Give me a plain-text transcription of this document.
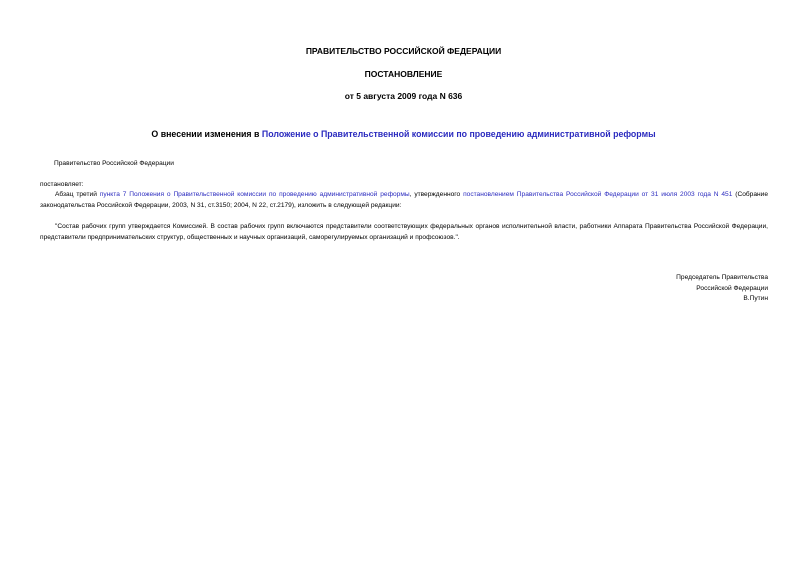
ПРАВИТЕЛЬСТВО РОССИЙСКОЙ ФЕДЕРАЦИИ
ПОСТАНОВЛЕНИЕ
от 5 августа 2009 года N 636
О внесении изменения в Положение о Правительственной комиссии по проведению административной реформы
Правительство Российской Федерации
постановляет:
Абзац третий пункта 7 Положения о Правительственной комиссии по проведению административной реформы, утвержденного постановлением Правительства Российской Федерации от 31 июля 2003 года N 451 (Собрание законодательства Российской Федерации, 2003, N 31, ст.3150; 2004, N 22, ст.2179), изложить в следующей редакции:
"Состав рабочих групп утверждается Комиссией. В состав рабочих групп включаются представители соответствующих федеральных органов исполнительной власти, работники Аппарата Правительства Российской Федерации, представители предпринимательских структур, общественных и научных организаций, саморегулируемых организаций и профсоюзов.".
Председатель Правительства
Российской Федерации
В.Путин
